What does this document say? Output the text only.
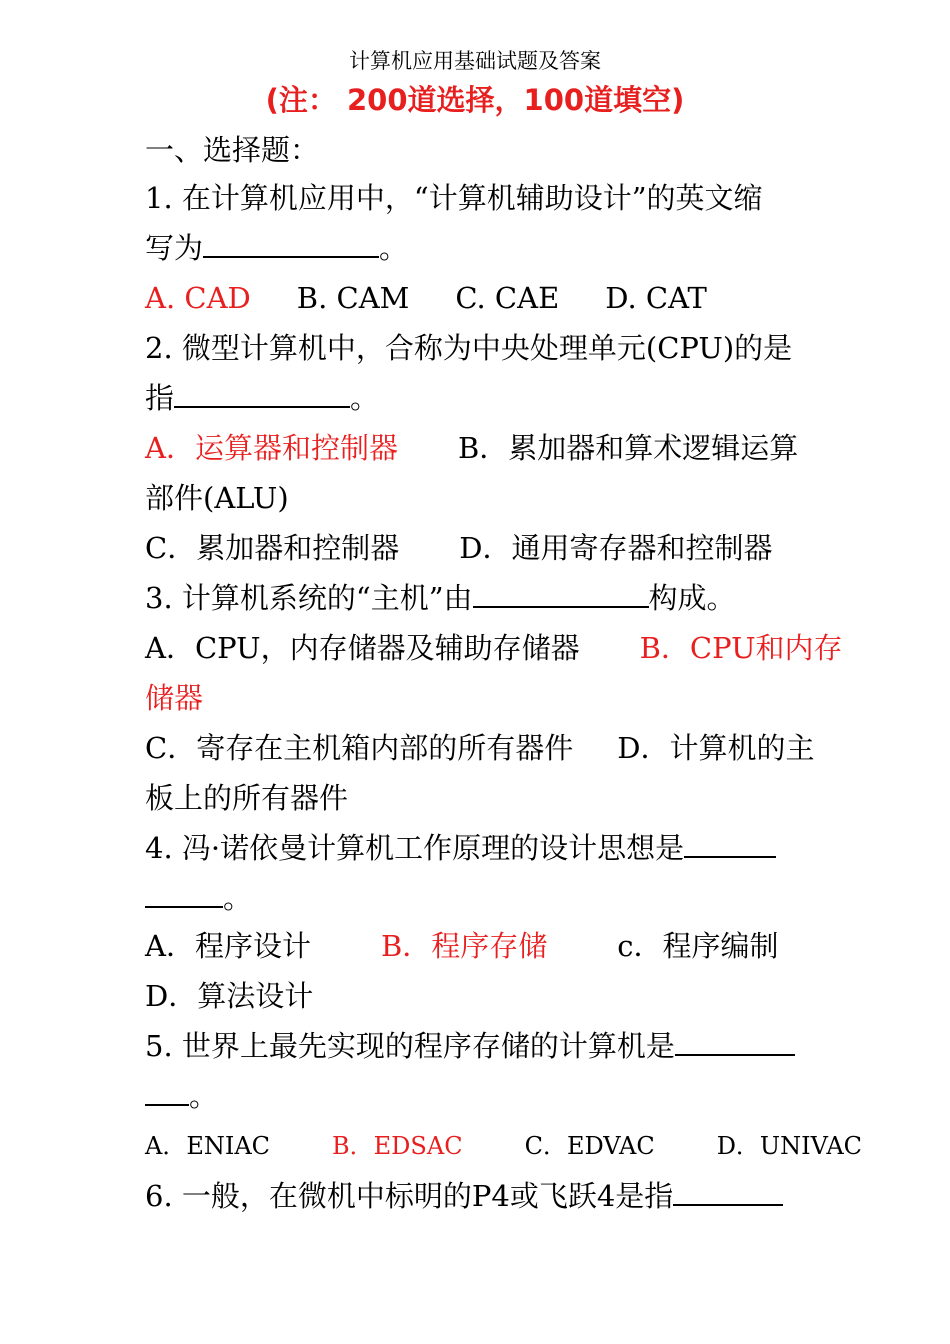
计算机应用基础试题及答案
(注： 200道选择，100道填空)
一、选择题：
1. 在计算机应用中，“计算机辅助设计”的英文缩
写为	。
A. CAD B. CAM C. CAE D. CAT
2. 微型计算机中，合称为中央处理单元(CPU)的是
指	。
A．运算器和控制器 B．累加器和算术逻辑运算
部件(ALU)
C．累加器和控制器 D．通用寄存器和控制器
3. 计算机系统的“主机”由	构成。
A．CPU，内存储器及辅助存储器 B．CPU和内存
储器
C．寄存在主机箱内部的所有器件 D．计算机的主
板上的所有器件
4. 冯·诺依曼计算机工作原理的设计思想是
。
A．程序设计 B．程序存储 c．程序编制
D．算法设计
5. 世界上最先实现的程序存储的计算机是
。
A．ENIAC	B．EDSAC	C．EDVAC	D．UNIVAC
6. 一般，在微机中标明的P4或飞跃4是指
